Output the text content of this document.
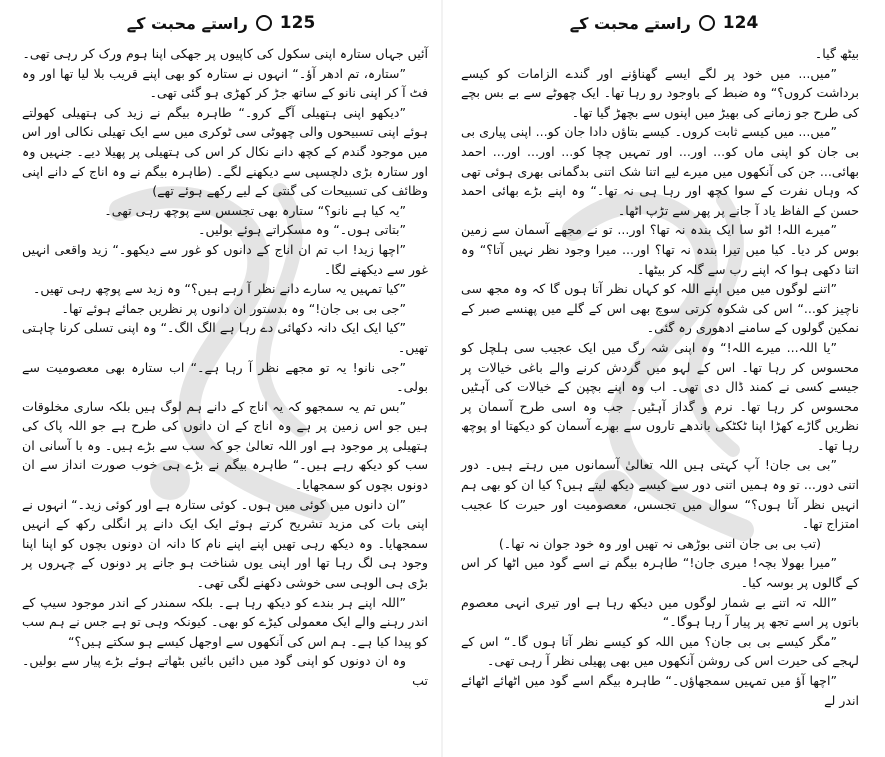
راستے محبت کے 125

آئیں جہاں ستارہ اپنی سکول کی کاپیوں پر جھکی اپنا ہوم ورک کر رہی تھی۔

”ستارہ، تم ادھر آؤ۔“ انہوں نے ستارہ کو بھی اپنے قریب بلا لیا تھا اور وہ فٹ آ کر اپنی نانو کے ساتھ جڑ کر کھڑی ہو گئی تھی۔

”دیکھو اپنی ہتھیلی آگے کرو۔“ طاہرہ بیگم نے زید کی ہتھیلی کھولتے ہوئے اپنی تسبیحوں والی چھوٹی سی ٹوکری میں سے ایک تھیلی نکالی اور اس میں موجود گندم کے کچھ دانے نکال کر اس کی ہتھیلی پر پھیلا دیے۔ جنہیں وہ اور ستارہ بڑی دلچسپی سے دیکھنے لگے۔ (طاہرہ بیگم نے وہ اناج کے دانے اپنی وظائف کی تسبیحات کی گنتی کے لیے رکھے ہوئے تھے)

”یہ کیا ہے نانو؟“ ستارہ بھی تجسس سے پوچھ رہی تھی۔

”بتاتی ہوں۔“ وہ مسکراتے ہوئے بولیں۔

”اچھا زید! اب تم ان اناج کے دانوں کو غور سے دیکھو۔“ زید واقعی انہیں غور سے دیکھنے لگا۔

”کیا تمہیں یہ سارے دانے نظر آ رہے ہیں؟“ وہ زید سے پوچھ رہی تھیں۔

”جی بی بی جان!“ وہ بدستور ان دانوں پر نظریں جمائے ہوئے تھا۔

”کیا ایک ایک دانہ دکھائی دے رہا ہے الگ الگ۔“ وہ اپنی تسلی کرنا چاہتی تھیں۔

”جی نانو! یہ تو مجھے نظر آ رہا ہے۔“ اب ستارہ بھی معصومیت سے بولی۔

”بس تم یہ سمجھو کہ یہ اناج کے دانے ہم لوگ ہیں بلکہ ساری مخلوقات ہیں جو اس زمین پر ہے وہ اناج کے ان دانوں کی طرح ہے جو اللہ پاک کی ہتھیلی پر موجود ہے اور اللہ تعالیٰ جو کہ سب سے بڑے ہیں۔ وہ با آسانی ان سب کو دیکھ رہے ہیں۔“ طاہرہ بیگم نے بڑے ہی خوب صورت انداز سے ان دونوں بچوں کو سمجھایا۔

”ان دانوں میں کوئی میں ہوں۔ کوئی ستارہ ہے اور کوئی زید۔“ انہوں نے اپنی بات کی مزید تشریح کرتے ہوئے ایک ایک دانے پر انگلی رکھ کے انہیں سمجھایا۔ وہ دیکھ رہی تھیں اپنے اپنے نام کا دانہ ان دونوں بچوں کو اپنا اپنا وجود ہی لگ رہا تھا اور اپنی یوں شناخت ہو جانے پر دونوں کے چہروں پر بڑی ہی الوہی سی خوشی دکھنے لگی تھی۔

”اللہ اپنے ہر بندے کو دیکھ رہا ہے۔ بلکہ سمندر کے اندر موجود سیپ کے اندر رہنے والے ایک معمولی کیڑے کو بھی۔ کیونکہ وہی تو ہے جس نے ہم سب کو پیدا کیا ہے۔ ہم اس کی آنکھوں سے اوجھل کیسے ہو سکتے ہیں؟“

وہ ان دونوں کو اپنی گود میں دائیں بائیں بٹھاتے ہوئے بڑے پیار سے بولیں۔ تب

راستے محبت کے 124

بیٹھ گیا۔

”میں... میں خود پر لگے ایسے گھناؤنے اور گندے الزامات کو کیسے برداشت کروں؟“ وہ ضبط کے باوجود رو رہا تھا۔ ایک چھوٹے سے بے بس بچے کی طرح جو زمانے کی بھیڑ میں اپنوں سے بچھڑ گیا تھا۔

”میں... میں کیسے ثابت کروں۔ کیسے بتاؤں دادا جان کو... اپنی پیاری بی بی جان کو اپنی ماں کو... اور... اور تمہیں چچا کو... اور... اور... احمد بھائی... جن کی آنکھوں میں میرے لیے اتنا شک اتنی بدگمانی بھری ہوئی تھی کہ وہاں نفرت کے سوا کچھ اور رہا ہی نہ تھا۔“ وہ اپنے بڑے بھائی احمد حسن کے الفاظ یاد آ جانے پر پھر سے تڑپ اٹھا۔

”میرے اللہ! اٹو سا ایک بندہ نہ تھا؟ اور... تو نے مجھے آسمان سے زمین بوس کر دیا۔ کیا میں تیرا بندہ نہ تھا؟ اور... میرا وجود نظر نہیں آتا؟“ وہ اتنا دکھی ہوا کہ اپنے رب سے گلہ کر بیٹھا۔

”اتنے لوگوں میں میں اپنے اللہ کو کہاں نظر آتا ہوں گا کہ وہ مجھ سی ناچیز کو...“ اس کی شکوہ کرتی سوچ بھی اس کے گلے میں پھنسے صبر کے نمکین گولوں کے سامنے ادھوری رہ گئی۔

”یا اللہ... میرے اللہ!“ وہ اپنی شہ رگ میں ایک عجیب سی ہلچل کو محسوس کر رہا تھا۔ اس کے لہو میں گردش کرنے والے باغی خیالات پر جیسے کسی نے کمند ڈال دی تھی۔ اب وہ اپنے بچپن کے خیالات کی آہٹیں محسوس کر رہا تھا۔ نرم و گداز آہٹیں۔ جب وہ اسی طرح آسمان پر نظریں گاڑے کھڑا اپنا ٹکٹکی باندھے تاروں سے بھرے آسمان کو دیکھتا او پوچھ رہا تھا۔

”بی بی جان! آپ کہتی ہیں اللہ تعالیٰ آسمانوں میں رہتے ہیں۔ دور اتنی دور... تو وہ ہمیں اتنی دور سے کیسے دیکھ لیتے ہیں؟ کیا ان کو بھی ہم انہیں نظر آتا ہوں؟“ سوال میں تجسس، معصومیت اور حیرت کا عجیب امتزاج تھا۔

(تب بی بی جان اتنی بوڑھی نہ تھیں اور وہ خود جوان نہ تھا۔)

”میرا بھولا بچہ! میری جان!“ طاہرہ بیگم نے اسے گود میں اٹھا کر اس کے گالوں پر بوسہ کیا۔

”اللہ تہ اتنے بے شمار لوگوں میں دیکھ رہا ہے اور تیری انہی معصوم باتوں پر اسے تجھ پر پیار آ رہا ہوگا۔“

”مگر کیسے بی بی جان؟ میں اللہ کو کیسے نظر آتا ہوں گا۔“ اس کے لہجے کی حیرت اس کی روشن آنکھوں میں بھی پھیلی نظر آ رہی تھی۔

”اچھا آؤ میں تمہیں سمجھاؤں۔“ طاہرہ بیگم اسے گود میں اٹھائے اٹھائے اندر لے
